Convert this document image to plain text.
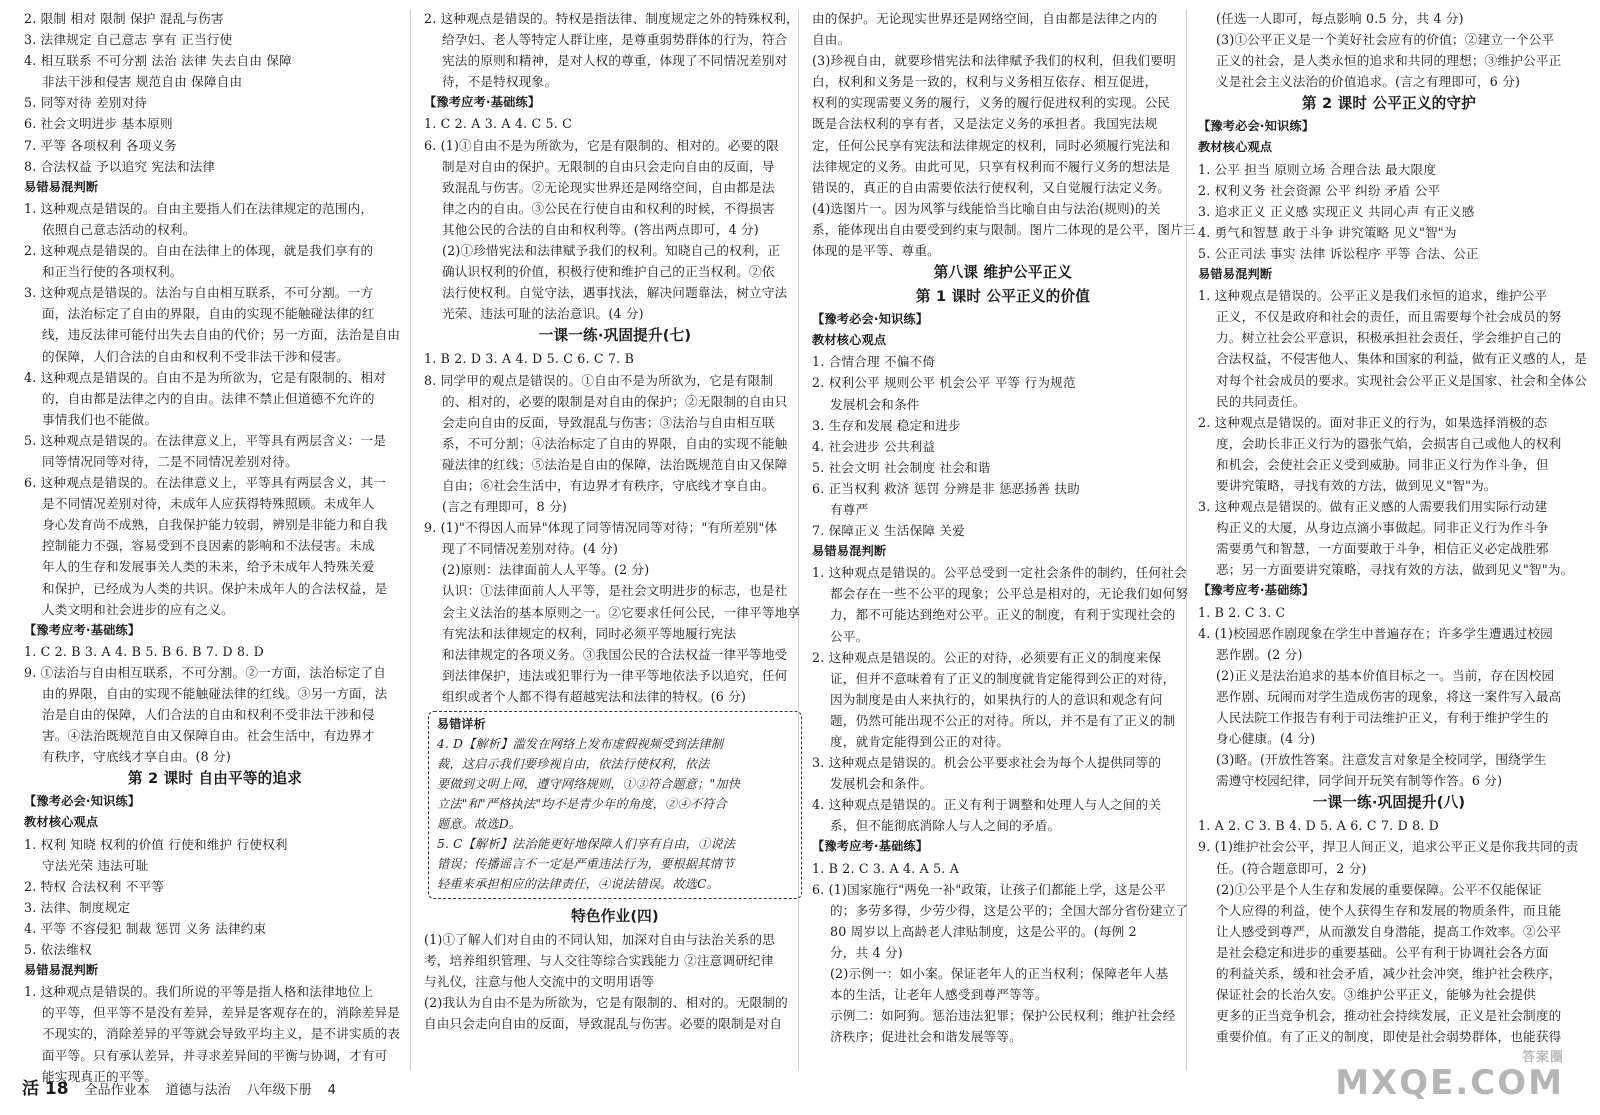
2. 限制 相对 限制 保护 混乱与伤害
3. 法律规定 自己意志 享有 正当行使
4. 相互联系 不可分割 法治 法律 失去自由 保障
非法干涉和侵害 规范自由 保障自由
5. 同等对待 差别对待
6. 社会文明进步 基本原则
7. 平等 各项权利 各项义务
8. 合法权益 予以追究 宪法和法律
易错易混判断
1. 这种观点是错误的。自由主要指人们在法律规定的范围内，
依照自己意志活动的权利。
2. 这种观点是错误的。自由在法律上的体现，就是我们享有的
和正当行使的各项权利。
3. 这种观点是错误的。法治与自由相互联系，不可分割。一方
面，法治标定了自由的界限，自由的实现不能触碰法律的红
线，违反法律可能付出失去自由的代价；另一方面，法治是自由
的保障，人们合法的自由和权利不受非法干涉和侵害。
4. 这种观点是错误的。自由不是为所欲为，它是有限制的、相对
的，自由都是法律之内的自由。法律不禁止但道德不允许的
事情我们也不能做。
5. 这种观点是错误的。在法律意义上，平等具有两层含义：一是
同等情况同等对待，二是不同情况差别对待。
6. 这种观点是错误的。在法律意义上，平等具有两层含义，其一
是不同情况差别对待，未成年人应获得特殊照顾。未成年人
身心发育尚不成熟，自我保护能力较弱，辨别是非能力和自我
控制能力不强，容易受到不良因素的影响和不法侵害。未成
年人的生存和发展事关人类的未来，给予未成年人特殊关爱
和保护，已经成为人类的共识。保护未成年人的合法权益，是
人类文明和社会进步的应有之义。
【豫考应考·基础练】
1. C 2. B 3. A 4. B 5. B 6. B 7. D 8. D
9. ①法治与自由相互联系，不可分割。②一方面，法治标定了自
由的界限，自由的实现不能触碰法律的红线。③另一方面，法
治是自由的保障，人们合法的自由和权利不受非法干涉和侵
害。④法治既规范自由又保障自由。社会生活中，有边界才
有秩序，守底线才享自由。(8 分)
第 2 课时 自由平等的追求
【豫考必会·知识练】
教材核心观点
1. 权利 知晓 权利的价值 行使和维护 行使权利
守法光荣 违法可耻
2. 特权 合法权利 不平等
3. 法律、制度规定
4. 平等 不容侵犯 制裁 惩罚 义务 法律约束
5. 依法维权
易错易混判断
1. 这种观点是错误的。我们所说的平等是指人格和法律地位上
的平等，但平等不是没有差异，差异是客观存在的，消除差异是
不现实的，消除差异的平等就会导致平均主义，是不讲实质的表
面平等。只有承认差异，并寻求差异间的平衡与协调，才有可
能实现真正的平等。
2. 这种观点是错误的。特权是指法律、制度规定之外的特殊权利，
给孕妇、老人等特定人群让座，是尊重弱势群体的行为，符合
宪法的原则和精神，是对人权的尊重，体现了不同情况差别对
待，不是特权现象。
【豫考应考·基础练】
1. C 2. A 3. A 4. C 5. C
6. (1)①自由不是为所欲为，它是有限制的、相对的。必要的限
制是对自由的保护。无限制的自由只会走向自由的反面，导
致混乱与伤害。②无论现实世界还是网络空间，自由都是法
律之内的自由。③公民在行使自由和权利的时候，不得损害
其他公民的合法的自由和权利等。(答出两点即可，4 分)
(2)①珍惜宪法和法律赋予我们的权利。知晓自己的权利，正
确认识权利的价值，积极行使和维护自己的正当权利。②依
法行使权利。自觉守法，遇事找法，解决问题靠法，树立守法
光荣、违法可耻的法治意识。(4 分)
一课一练·巩固提升(七)
1. B 2. D 3. A 4. D 5. C 6. C 7. B
8. 同学甲的观点是错误的。①自由不是为所欲为，它是有限制
的、相对的，必要的限制是对自由的保护；②无限制的自由只
会走向自由的反面，导致混乱与伤害；③法治与自由相互联
系，不可分割；④法治标定了自由的界限，自由的实现不能触
碰法律的红线；⑤法治是自由的保障，法治既规范自由又保障
自由；⑥社会生活中，有边界才有秩序，守底线才享自由。
(言之有理即可，8 分)
9. (1)"不得因人而异"体现了同等情况同等对待；"有所差别"体
现了不同情况差别对待。(4 分)
(2)原则：法律面前人人平等。(2 分)
认识：①法律面前人人平等，是社会文明进步的标志，也是社
会主义法治的基本原则之一。②它要求任何公民，一律平等地享
有宪法和法律规定的权利，同时必须平等地履行宪法
和法律规定的各项义务。③我国公民的合法权益一律平等地受
到法律保护，违法或犯罪行为一律平等地依法予以追究，任何
组织或者个人都不得有超越宪法和法律的特权。(6 分)
易错详析
4. D【解析】滥发在网络上发布虚假视频受到法律制
裁，这启示我们要珍视自由，依法行使权利，依法
要做到文明上网，遵守网络规则，①③符合题意；"加快
立法"和"严格执法"均不是青少年的角度，②④不符合
题意。故选D。
5. C【解析】法治能更好地保障人们享有自由，①说法
错误；传播谣言不一定是严重违法行为，要根据其情节
轻重来承担相应的法律责任，④说法错误。故选C。
特色作业(四)
(1)①了解人们对自由的不同认知，加深对自由与法治关系的思
考，培养组织管理、与人交往等综合实践能力 ②注意调研纪律
与礼仪，注意与他人交流中的文明用语等
(2)我认为自由不是为所欲为，它是有限制的、相对的。无限制的
自由只会走向自由的反面，导致混乱与伤害。必要的限制是对自
由的保护。无论现实世界还是网络空间，自由都是法律之内的
自由。
(3)珍视自由，就要珍惜宪法和法律赋予我们的权利，但我们要明
白，权利和义务是一致的，权利与义务相互依存、相互促进，
权利的实现需要义务的履行，义务的履行促进权利的实现。公民
既是合法权利的享有者，又是法定义务的承担者。我国宪法规
定，任何公民享有宪法和法律规定的权利，同时必须履行宪法和
法律规定的义务。由此可见，只享有权利而不履行义务的想法是
错误的，真正的自由需要依法行使权利，又自觉履行法定义务。
(4)选图片一。因为风筝与线能恰当比喻自由与法治(规则)的关
系，能体现出自由要受到约束与限制。图片二体现的是公平，图片三
体现的是平等、尊重。
第八课 维护公平正义
第 1 课时 公平正义的价值
【豫考必会·知识练】
教材核心观点
1. 合情合理 不偏不倚
2. 权利公平 规则公平 机会公平 平等 行为规范
发展机会和条件
3. 生存和发展 稳定和进步
4. 社会进步 公共利益
5. 社会文明 社会制度 社会和谐
6. 正当权利 救济 惩罚 分辨是非 惩恶扬善 扶助
有尊严
7. 保障正义 生活保障 关爱
易错易混判断
1. 这种观点是错误的。公平总受到一定社会条件的制约，任何社会
都会存在一些不公平的现象；公平总是相对的，无论我们如何努
力，都不可能达到绝对公平。正义的制度，有利于实现社会的
公平。
2. 这种观点是错误的。公正的对待，必须要有正义的制度来保
证，但并不意味着有了正义的制度就肯定能得到公正的对待，
因为制度是由人来执行的，如果执行的人的意识和观念有问
题，仍然可能出现不公正的对待。所以，并不是有了正义的制
度，就肯定能得到公正的对待。
3. 这种观点是错误的。机会公平要求社会为每个人提供同等的
发展机会和条件。
4. 这种观点是错误的。正义有利于调整和处理人与人之间的关
系，但不能彻底消除人与人之间的矛盾。
【豫考应考·基础练】
1. B 2. C 3. A 4. A 5. A
6. (1)国家施行"两免一补"政策，让孩子们都能上学，这是公平
的；多劳多得，少劳少得，这是公平的；全国大部分省份建立了
80 周岁以上高龄老人津贴制度，这是公平的。(每例 2
分，共 4 分)
(2)示例一：如小案。保证老年人的正当权利；保障老年人基
本的生活，让老年人感受到尊严等等。
示例二：如阿狗。惩治违法犯罪；保护公民权利；维护社会经
济秩序；促进社会和谐发展等等。
(任选一人即可，每点影响 0.5 分，共 4 分)
(3)①公平正义是一个美好社会应有的价值；②建立一个公平
正义的社会，是人类永恒的追求和共同的理想；③维护公平正
义是社会主义法治的价值追求。(言之有理即可，6 分)
第 2 课时 公平正义的守护
【豫考必会·知识练】
教材核心观点
1. 公平 担当 原则立场 合理合法 最大限度
2. 权利义务 社会资源 公平 纠纷 矛盾 公平
3. 追求正义 正义感 实现正义 共同心声 有正义感
4. 勇气和智慧 敢于斗争 讲究策略 见义"智"为
5. 公正司法 事实 法律 诉讼程序 平等 合法、公正
易错易混判断
1. 这种观点是错误的。公平正义是我们永恒的追求，维护公平
正义，不仅是政府和社会的责任，而且需要每个社会成员的努
力。树立社会公平意识，积极承担社会责任，学会维护自己的
合法权益，不侵害他人、集体和国家的利益，做有正义感的人，是
对每个社会成员的要求。实现社会公平正义是国家、社会和全体公
民的共同责任。
2. 这种观点是错误的。面对非正义的行为，如果选择消极的态
度，会助长非正义行为的嚣张气焰，会损害自己或他人的权利
和机会，会使社会正义受到威胁。同非正义行为作斗争，但
要讲究策略，寻找有效的方法，做到见义"智"为。
3. 这种观点是错误的。做有正义感的人需要我们用实际行动建
构正义的大厦，从身边点滴小事做起。同非正义行为作斗争
需要勇气和智慧，一方面要敢于斗争，相信正义必定战胜邪
恶；另一方面要讲究策略，寻找有效的方法，做到见义"智"为。
【豫考应考·基础练】
1. B 2. C 3. C
4. (1)校园恶作剧现象在学生中普遍存在；许多学生遭遇过校园
恶作剧。(2 分)
(2)正义是法治追求的基本价值目标之一。当前，存在因校园
恶作剧、玩闹而对学生造成伤害的现象，将这一案件写入最高
人民法院工作报告有利于司法维护正义，有利于维护学生的
身心健康。(4 分)
(3)略。(开放性答案。注意发言对象是全校同学，围绕学生
需遵守校园纪律，同学间开玩笑有制等作答。6 分)
一课一练·巩固提升(八)
1. A 2. C 3. B 4. D 5. A 6. C 7. D 8. D
9. (1)维护社会公平，捍卫人间正义，追求公平正义是你我共同的责
任。(符合题意即可，2 分)
(2)①公平是个人生存和发展的重要保障。公平不仅能保证
个人应得的利益，使个人获得生存和发展的物质条件，而且能
让人感受到尊严，从而激发自身潜能，提高工作效率。②公平
是社会稳定和进步的重要基础。公平有利于协调社会各方面
的利益关系，缓和社会矛盾，减少社会冲突，维护社会秩序，
保证社会的长治久安。③维护公平正义，能够为社会提供
更多的正当竞争机会，推动社会持续发展，正义是社会制度的
重要价值。有了正义的制度，即使是社会弱势群体，也能获得
活 18 全品作业本 道德与法治 八年级下册 4
答案圈
MXQE.COM
